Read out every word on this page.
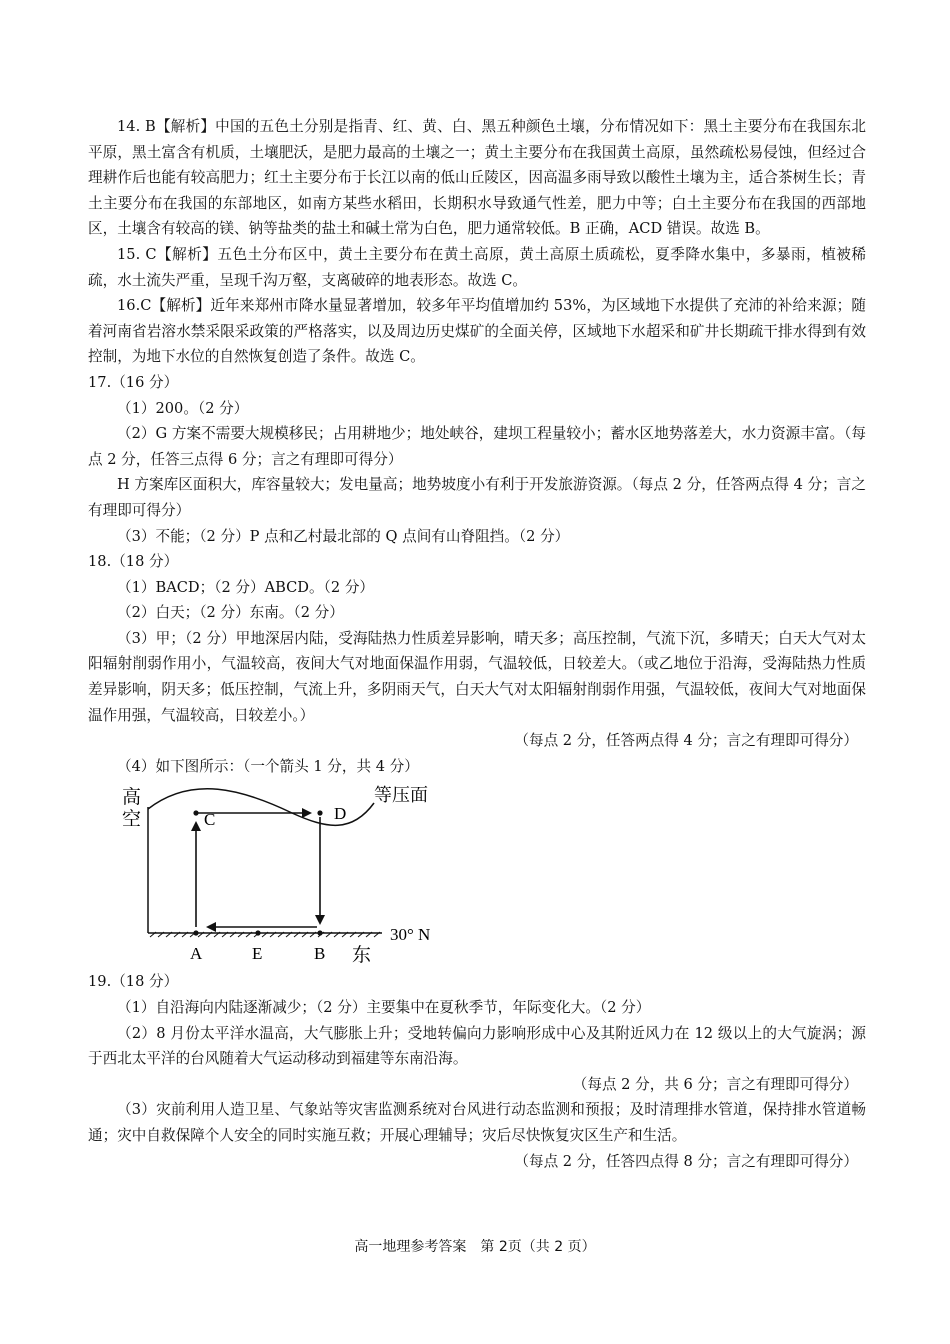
14. B【解析】中国的五色土分别是指青、红、黄、白、黑五种颜色土壤，分布情况如下：黑土主要分布在我国东北平原，黑土富含有机质，土壤肥沃，是肥力最高的土壤之一；黄土主要分布在我国黄土高原，虽然疏松易侵蚀，但经过合理耕作后也能有较高肥力；红土主要分布于长江以南的低山丘陵区，因高温多雨导致以酸性土壤为主，适合茶树生长；青土主要分布在我国的东部地区，如南方某些水稻田，长期积水导致通气性差，肥力中等；白土主要分布在我国的西部地区，土壤含有较高的镁、钠等盐类的盐土和碱土常为白色，肥力通常较低。B 正确，ACD 错误。故选 B。

15. C【解析】五色土分布区中，黄土主要分布在黄土高原，黄土高原土质疏松，夏季降水集中，多暴雨，植被稀疏，水土流失严重，呈现千沟万壑，支离破碎的地表形态。故选 C。

16.C【解析】近年来郑州市降水量显著增加，较多年平均值增加约 53%，为区域地下水提供了充沛的补给来源；随着河南省岩溶水禁采限采政策的严格落实，以及周边历史煤矿的全面关停，区域地下水超采和矿井长期疏干排水得到有效控制，为地下水位的自然恢复创造了条件。故选 C。

17.（16 分）

（1）200。（2 分）

（2）G 方案不需要大规模移民；占用耕地少；地处峡谷，建坝工程量较小；蓄水区地势落差大，水力资源丰富。（每点 2 分，任答三点得 6 分；言之有理即可得分）

H 方案库区面积大，库容量较大；发电量高；地势坡度小有利于开发旅游资源。（每点 2 分，任答两点得 4 分；言之有理即可得分）

（3）不能；（2 分）P 点和乙村最北部的 Q 点间有山脊阻挡。（2 分）

18.（18 分）

（1）BACD；（2 分）ABCD。（2 分）

（2）白天；（2 分）东南。（2 分）

（3）甲；（2 分）甲地深居内陆，受海陆热力性质差异影响，晴天多；高压控制，气流下沉，多晴天；白天大气对太阳辐射削弱作用小，气温较高，夜间大气对地面保温作用弱，气温较低，日较差大。（或乙地位于沿海，受海陆热力性质差异影响，阴天多；低压控制，气流上升，多阴雨天气，白天大气对太阳辐射削弱作用强，气温较低，夜间大气对地面保温作用强，气温较高，日较差小。）

（每点 2 分，任答两点得 4 分；言之有理即可得分）

（4）如下图所示：（一个箭头 1 分，共 4 分）

高
空	C	D
等压面
30° N
A	E	B 东

19.（18 分）

（1）自沿海向内陆逐渐减少；（2 分）主要集中在夏秋季节，年际变化大。（2 分）

（2）8 月份太平洋水温高，大气膨胀上升；受地转偏向力影响形成中心及其附近风力在 12 级以上的大气旋涡；源于西北太平洋的台风随着大气运动移动到福建等东南沿海。

（每点 2 分，共 6 分；言之有理即可得分）

（3）灾前利用人造卫星、气象站等灾害监测系统对台风进行动态监测和预报；及时清理排水管道，保持排水管道畅通；灾中自救保障个人安全的同时实施互救；开展心理辅导；灾后尽快恢复灾区生产和生活。

（每点 2 分，任答四点得 8 分；言之有理即可得分）

高一地理参考答案　第 2页（共 2 页）
